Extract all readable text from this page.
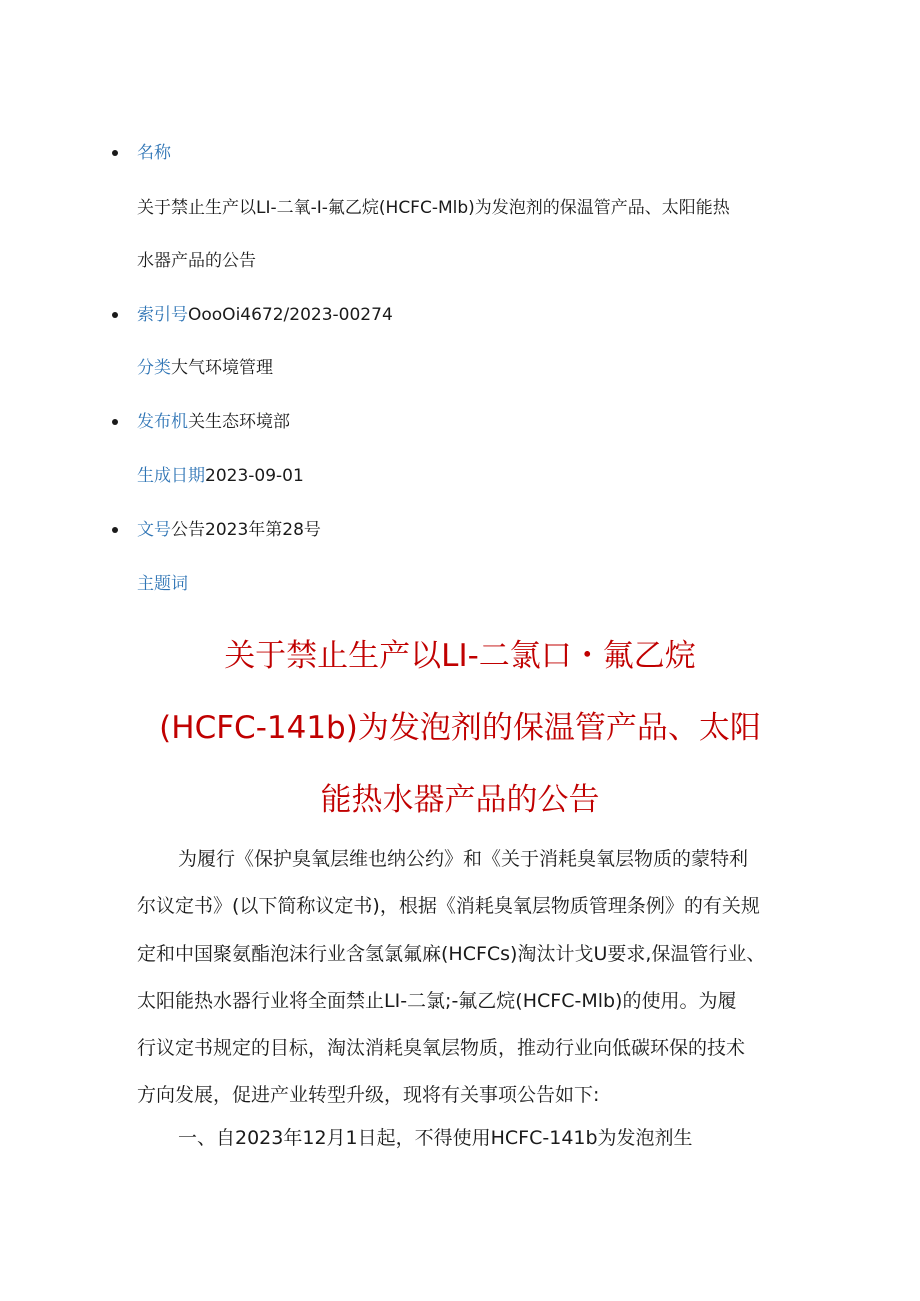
名称
关于禁止生产以LI-二氧-I-氟乙烷(HCFC-Mlb)为发泡剂的保温管产品、太阳能热
水器产品的公告
索引号OooOi4672/2023-00274
分类大气环境管理
发布机关生态环境部
生成日期2023-09-01
文号公告2023年第28号
主题词
关于禁止生产以LI-二氯口・氟乙烷
(HCFC-141b)为发泡剂的保温管产品、太阳
能热水器产品的公告
为履行《保护臭氧层维也纳公约》和《关于消耗臭氧层物质的蒙特利
尔议定书》(以下简称议定书)，根据《消耗臭氧层物质管理条例》的有关规
定和中国聚氨酯泡沫行业含氢氯氟麻(HCFCs)淘汰计戈U要求,保温管行业、
太阳能热水器行业将全面禁止LI-二氯;-氟乙烷(HCFC-Mlb)的使用。为履
行议定书规定的目标，淘汰消耗臭氧层物质，推动行业向低碳环保的技术
方向发展，促进产业转型升级，现将有关事项公告如下:
一、自2023年12月1日起，不得使用HCFC-141b为发泡剂生
